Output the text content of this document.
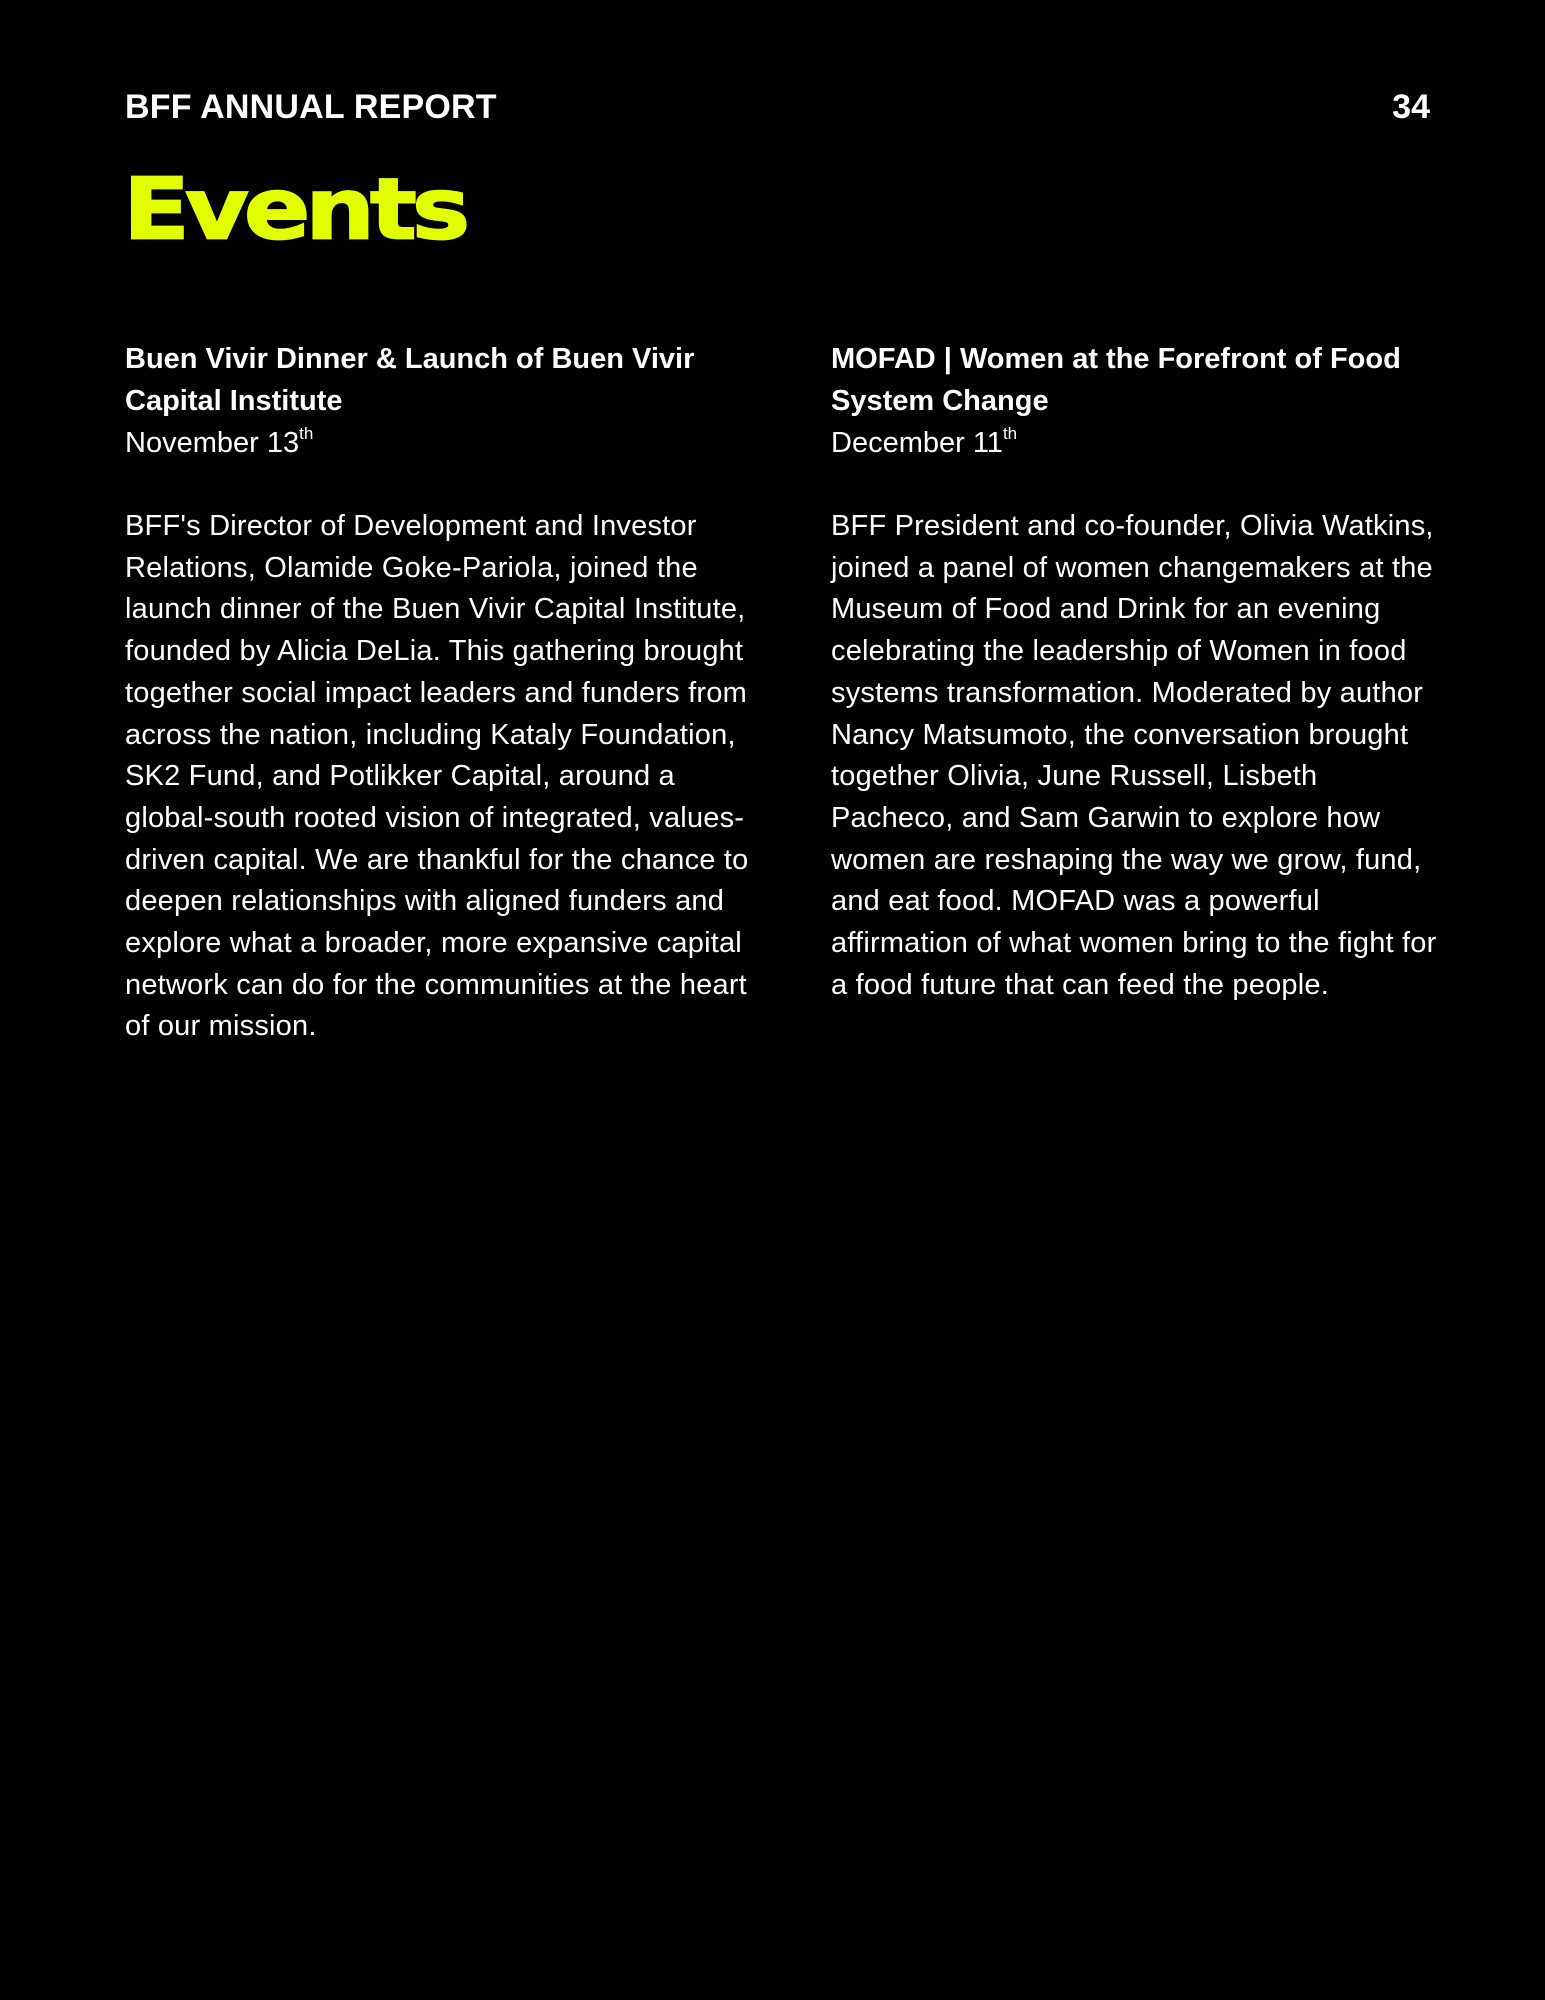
BFF ANNUAL REPORT	34
Events

Buen Vivir Dinner & Launch of Buen Vivir Capital Institute

November 13th

BFF's Director of Development and Investor Relations, Olamide Goke-Pariola, joined the launch dinner of the Buen Vivir Capital Institute, founded by Alicia DeLia. This gathering brought together social impact leaders and funders from across the nation, including Kataly Foundation, SK2 Fund, and Potlikker Capital, around a global-south rooted vision of integrated, values-driven capital. We are thankful for the chance to deepen relationships with aligned funders and explore what a broader, more expansive capital network can do for the communities at the heart of our mission.

MOFAD | Women at the Forefront of Food System Change

December 11th

BFF President and co-founder, Olivia Watkins, joined a panel of women changemakers at the Museum of Food and Drink for an evening celebrating the leadership of Women in food systems transformation. Moderated by author Nancy Matsumoto, the conversation brought together Olivia, June Russell, Lisbeth Pacheco, and Sam Garwin to explore how women are reshaping the way we grow, fund, and eat food. MOFAD was a powerful affirmation of what women bring to the fight for a food future that can feed the people.
